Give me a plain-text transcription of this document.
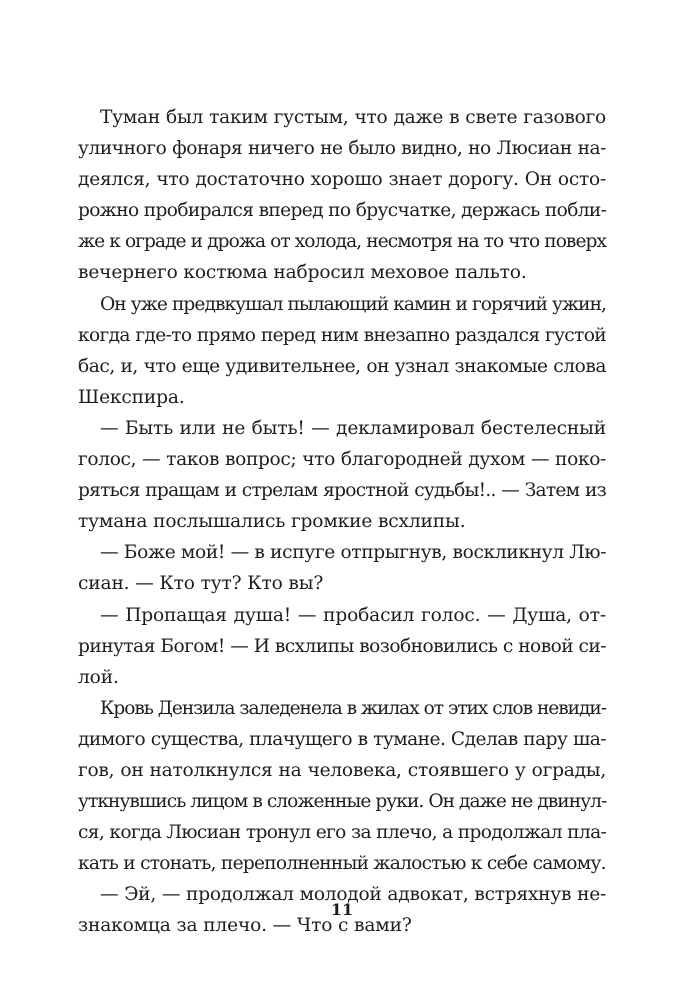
Туман был таким густым, что даже в свете газового
уличного фонаря ничего не было видно, но Люсиан на-
деялся, что достаточно хорошо знает дорогу. Он осто-
рожно пробирался вперед по брусчатке, держась побли-
же к ограде и дрожа от холода, несмотря на то что поверх
вечернего костюма набросил меховое пальто.
Он уже предвкушал пылающий камин и горячий ужин,
когда где-то прямо перед ним внезапно раздался густой
бас, и, что еще удивительнее, он узнал знакомые слова
Шекспира.
— Быть или не быть! — декламировал бестелесный
голос, — таков вопрос; что благородней духом — поко-
ряться пращам и стрелам яростной судьбы!.. — Затем из
тумана послышались громкие всхлипы.
— Боже мой! — в испуге отпрыгнув, воскликнул Лю-
сиан. — Кто тут? Кто вы?
— Пропащая душа! — пробасил голос. — Душа, от-
ринутая Богом! — И всхлипы возобновились с новой си-
лой.
Кровь Дензила заледенела в жилах от этих слов невиди-
димого существа, плачущего в тумане. Сделав пару ша-
гов, он натолкнулся на человека, стоявшего у ограды,
уткнувшись лицом в сложенные руки. Он даже не двинул-
ся, когда Люсиан тронул его за плечо, а продолжал пла-
кать и стонать, переполненный жалостью к себе самому.
— Эй, — продолжал молодой адвокат, встряхнув не-
знакомца за плечо. — Что с вами?
11
